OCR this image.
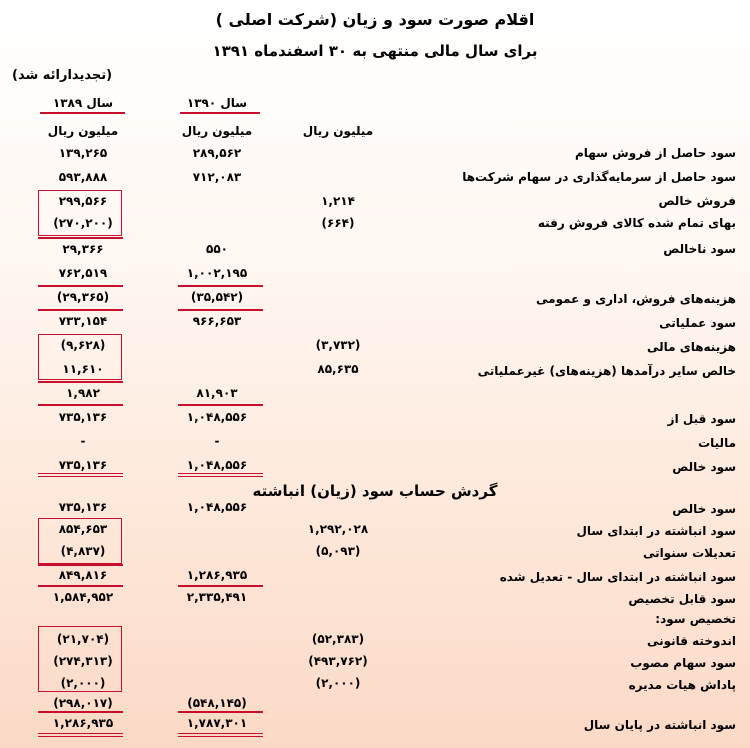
اقلام صورت سود و زیان (شرکت اصلی )
برای سال مالی منتهی به ۳۰ اسفندماه ۱۳۹۱
(تجدیدارائه شد)
سال ۱۳۹۰
سال ۱۳۸۹
میلیون ریال
میلیون ریال
میلیون ریال
سود حاصل از فروش سهام
۲۸۹,۵۶۲
۱۳۹,۲۶۵
سود حاصل از سرمایه‌گذاری در سهام شرکت‌ها
۷۱۲,۰۸۳
۵۹۳,۸۸۸
فروش خالص
۱,۲۱۴
۲۹۹,۵۶۶
بهای تمام شده کالای فروش رفته
(۶۶۴)
(۲۷۰,۲۰۰)
سود ناخالص
۵۵۰
۲۹,۳۶۶
۱,۰۰۲,۱۹۵
۷۶۲,۵۱۹
هزینه‌های فروش، اداری و عمومی
(۳۵,۵۴۲)
(۲۹,۳۶۵)
سود عملیاتی
۹۶۶,۶۵۳
۷۳۳,۱۵۴
هزینه‌های مالی
(۳,۷۳۲)
(۹,۶۲۸)
خالص سایر درآمدها (هزینه‌های) غیرعملیاتی
۸۵,۶۳۵
۱۱,۶۱۰
۸۱,۹۰۳
۱,۹۸۲
سود قبل از
۱,۰۴۸,۵۵۶
۷۳۵,۱۳۶
مالیات
-
-
سود خالص
۱,۰۴۸,۵۵۶
۷۳۵,۱۳۶
گردش حساب سود (زیان) انباشته
سود خالص
۱,۰۴۸,۵۵۶
۷۳۵,۱۳۶
سود انباشته در ابتدای سال
۱,۲۹۲,۰۲۸
۸۵۴,۶۵۳
تعدیلات سنواتی
(۵,۰۹۳)
(۴,۸۳۷)
سود انباشته در ابتدای سال - تعدیل شده
۱,۲۸۶,۹۳۵
۸۴۹,۸۱۶
سود قابل تخصیص
۲,۳۳۵,۴۹۱
۱,۵۸۴,۹۵۲
تخصیص سود:
اندوخته قانونی
(۵۲,۳۸۳)
(۲۱,۷۰۴)
سود سهام مصوب
(۴۹۳,۷۶۲)
(۲۷۴,۳۱۳)
پاداش هیات مدیره
(۲,۰۰۰)
(۲,۰۰۰)
(۵۴۸,۱۴۵)
(۲۹۸,۰۱۷)
سود انباشته در پایان سال
۱,۷۸۷,۳۰۱
۱,۲۸۶,۹۳۵
